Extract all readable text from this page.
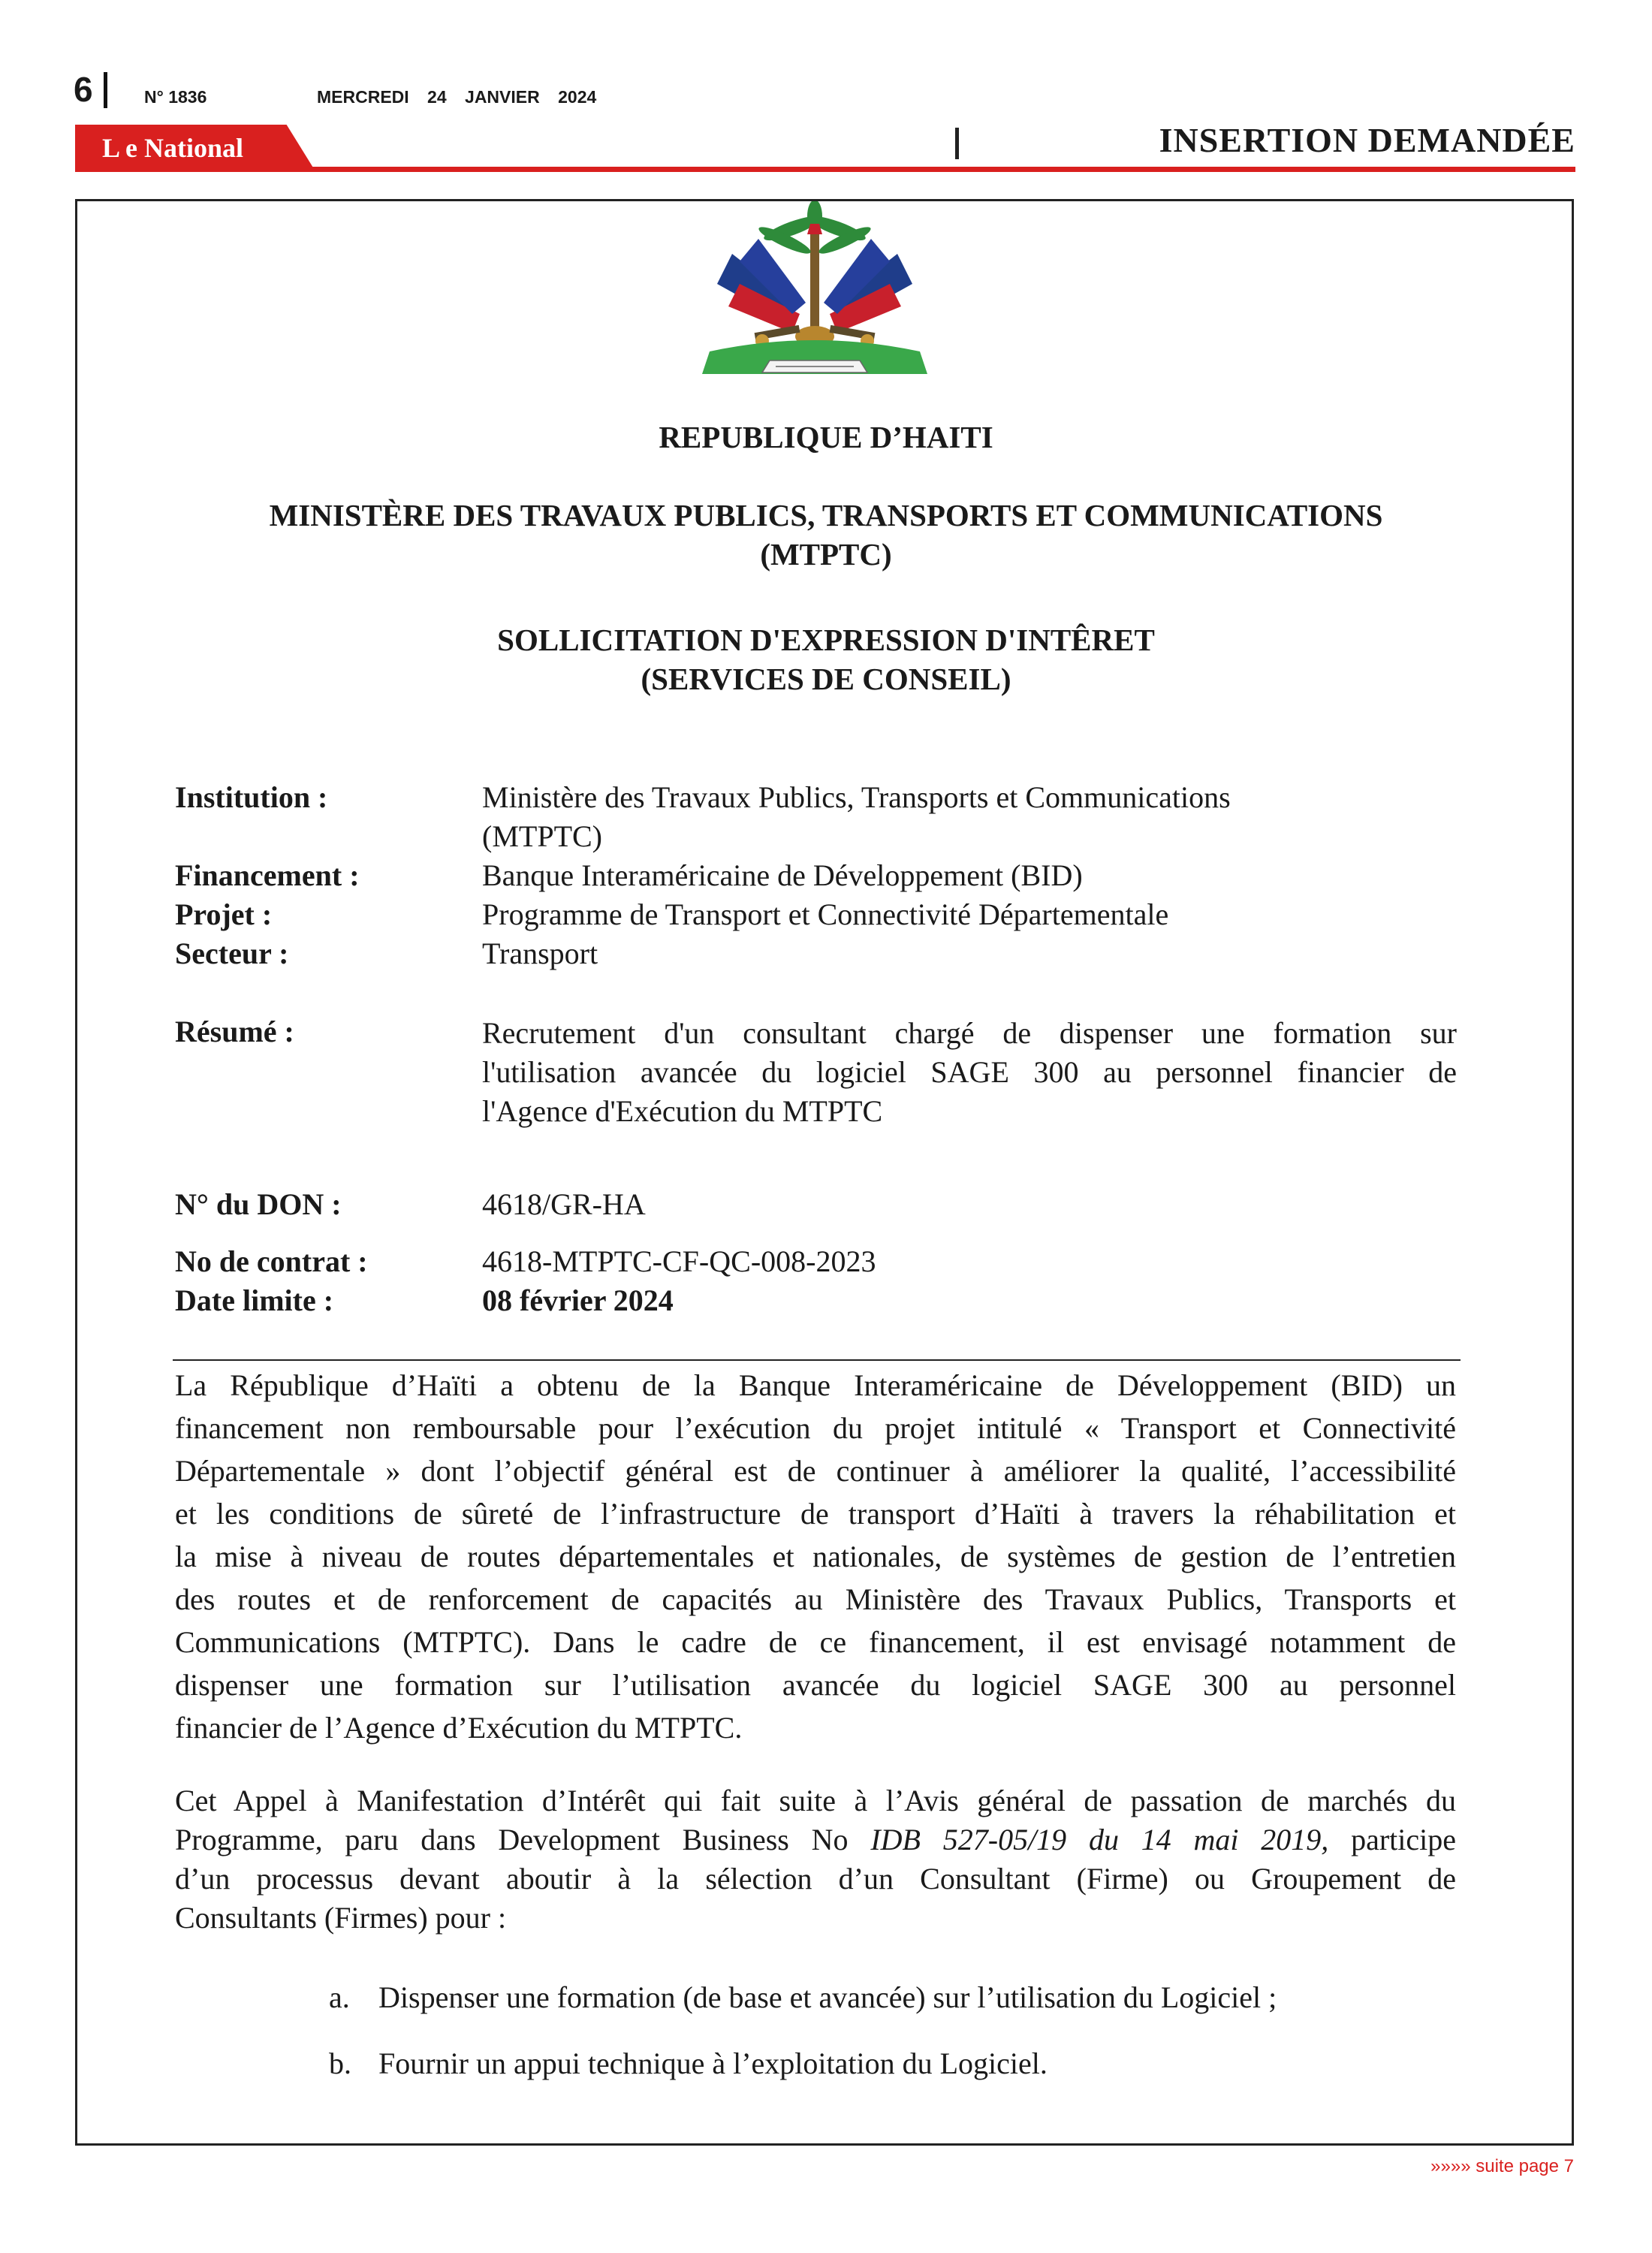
6	N° 1836	MERCREDI 24 JANVIER 2024
L e National	INSERTION DEMANDÉE
REPUBLIQUE D’HAITI
MINISTÈRE DES TRAVAUX PUBLICS, TRANSPORTS ET COMMUNICATIONS
(MTPTC)
SOLLICITATION D'EXPRESSION D'INTÊRET
(SERVICES DE CONSEIL)
Institution :	Ministère des Travaux Publics, Transports et Communications
(MTPTC)
Financement :	Banque Interaméricaine de Développement (BID)
Projet :	Programme de Transport et Connectivité Départementale
Secteur :	Transport
Résumé :	Recrutement d'un consultant chargé de dispenser une formation sur
l'utilisation avancée du logiciel SAGE 300 au personnel financier de
l'Agence d'Exécution du MTPTC
N° du DON :	4618/GR-HA
No de contrat :	4618-MTPTC-CF-QC-008-2023
Date limite :	08 février 2024
La République d’Haïti a obtenu de la Banque Interaméricaine de Développement (BID) un
financement non remboursable pour l’exécution du projet intitulé « Transport et Connectivité
Départementale » dont l’objectif général est de continuer à améliorer la qualité, l’accessibilité
et les conditions de sûreté de l’infrastructure de transport d’Haïti à travers la réhabilitation et
la mise à niveau de routes départementales et nationales, de systèmes de gestion de l’entretien
des routes et de renforcement de capacités au Ministère des Travaux Publics, Transports et
Communications (MTPTC). Dans le cadre de ce financement, il est envisagé notamment de
dispenser une formation sur l’utilisation avancée du logiciel SAGE 300 au personnel
financier de l’Agence d’Exécution du MTPTC.
Cet Appel à Manifestation d’Intérêt qui fait suite à l’Avis général de passation de marchés du
Programme, paru dans Development Business No IDB 527-05/19 du 14 mai 2019, participe
d’un processus devant aboutir à la sélection d’un Consultant (Firme) ou Groupement de
Consultants (Firmes) pour :
a. Dispenser une formation (de base et avancée) sur l’utilisation du Logiciel ;
b. Fournir un appui technique à l’exploitation du Logiciel.
»»»» suite page 7
